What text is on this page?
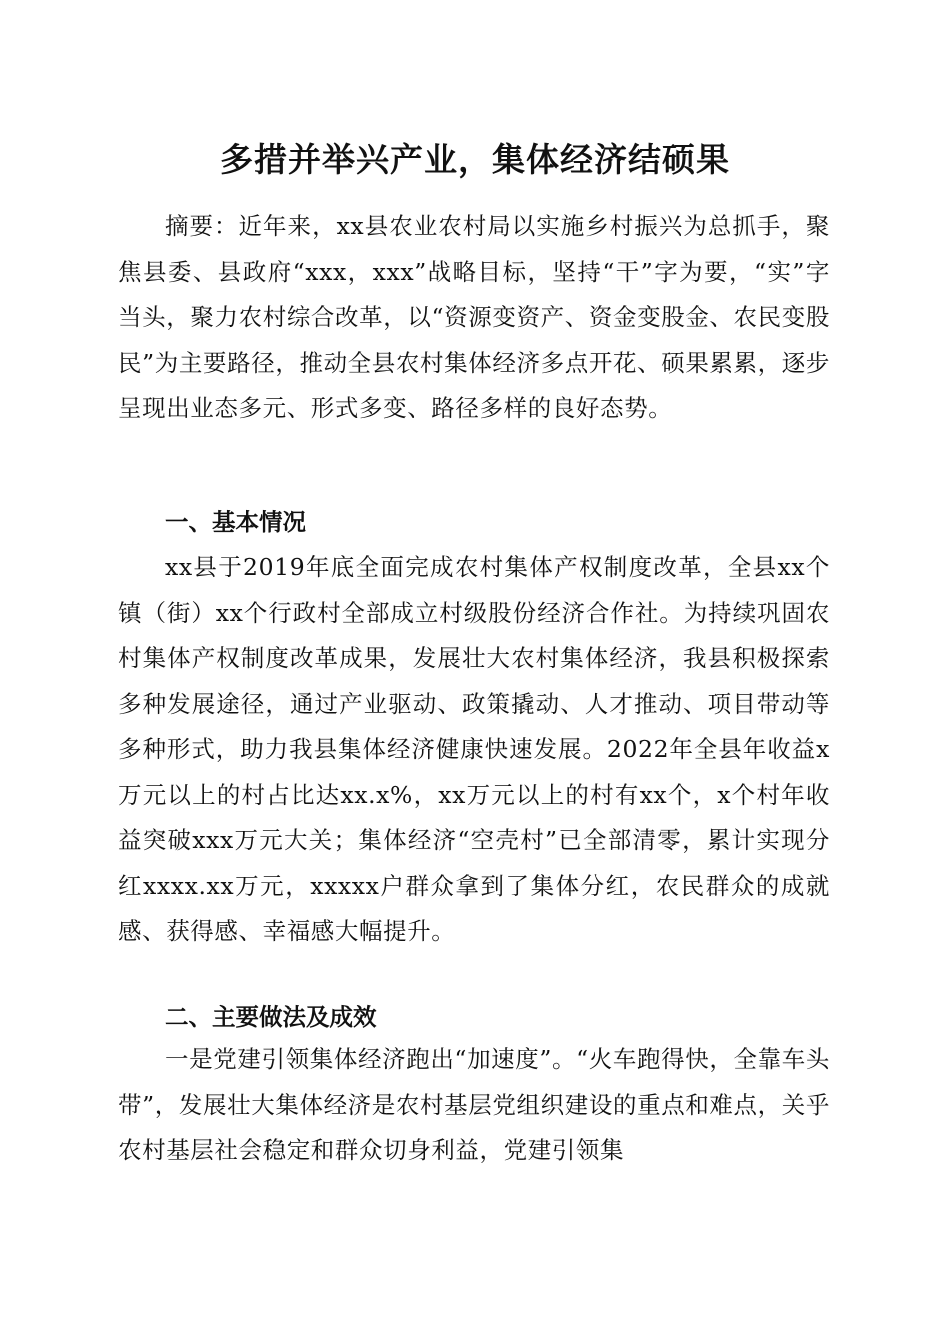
多措并举兴产业，集体经济结硕果

摘要：近年来，xx县农业农村局以实施乡村振兴为总抓手，聚焦县委、县政府“xxx，xxx”战略目标，坚持“干”字为要，“实”字当头，聚力农村综合改革，以“资源变资产、资金变股金、农民变股民”为主要路径，推动全县农村集体经济多点开花、硕果累累，逐步呈现出业态多元、形式多变、路径多样的良好态势。

一、基本情况

xx县于2019年底全面完成农村集体产权制度改革，全县xx个镇（街）xx个行政村全部成立村级股份经济合作社。为持续巩固农村集体产权制度改革成果，发展壮大农村集体经济，我县积极探索多种发展途径，通过产业驱动、政策撬动、人才推动、项目带动等多种形式，助力我县集体经济健康快速发展。2022年全县年收益x万元以上的村占比达xx.x%，xx万元以上的村有xx个，x个村年收益突破xxx万元大关；集体经济“空壳村”已全部清零，累计实现分红xxxx.xx万元，xxxxx户群众拿到了集体分红，农民群众的成就感、获得感、幸福感大幅提升。

二、主要做法及成效

一是党建引领集体经济跑出“加速度”。“火车跑得快，全靠车头带”，发展壮大集体经济是农村基层党组织建设的重点和难点，关乎农村基层社会稳定和群众切身利益，党建引领集
